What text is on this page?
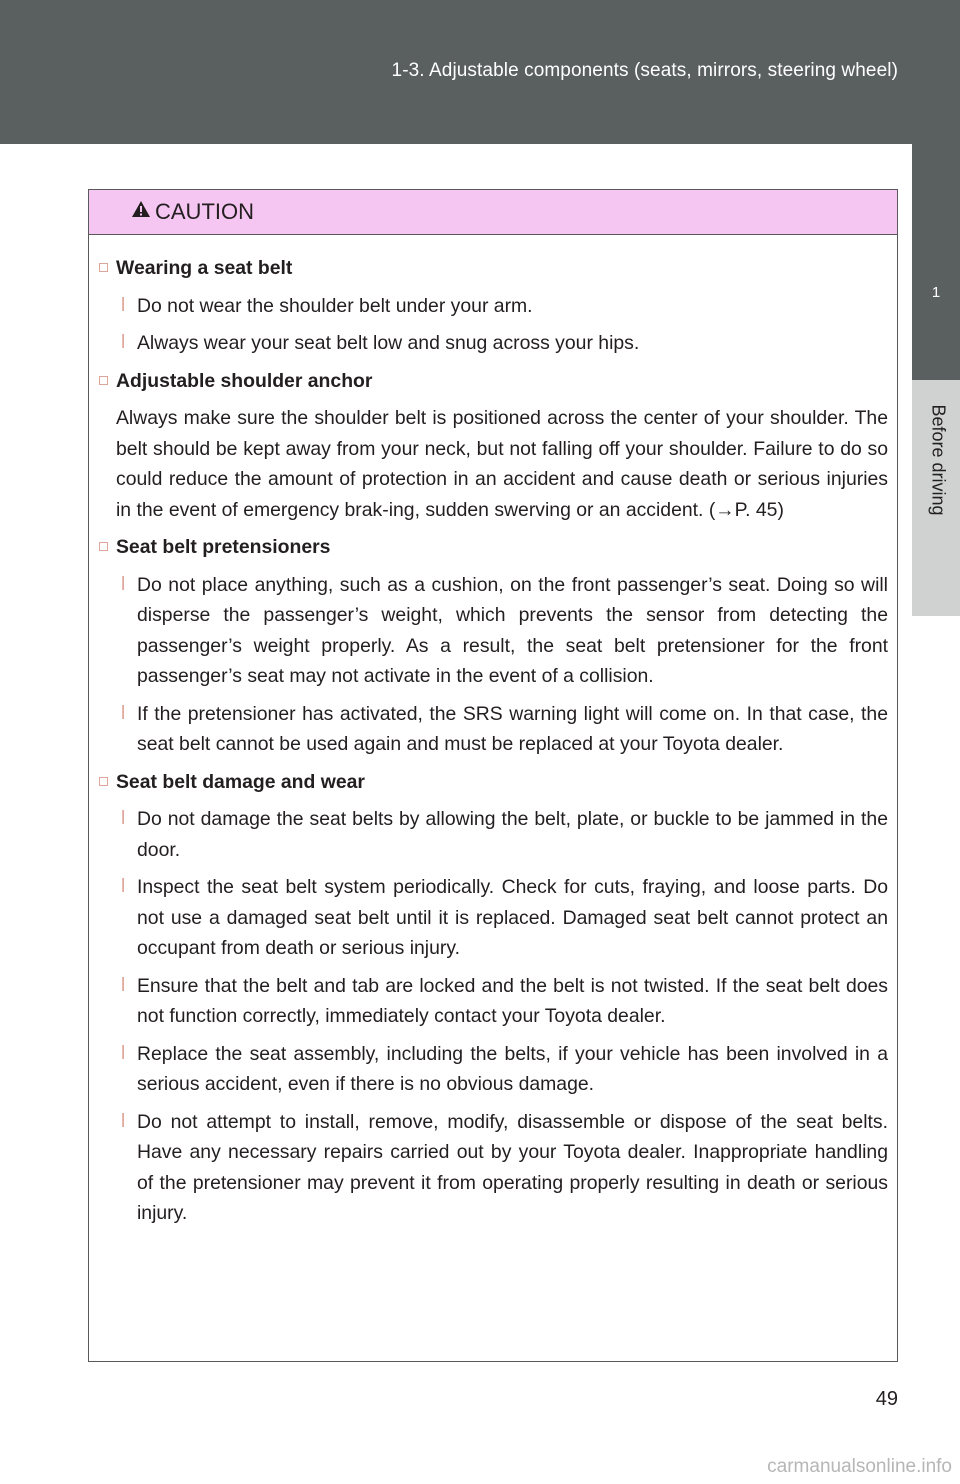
1-3. Adjustable components (seats, mirrors, steering wheel)
Before driving
CAUTION
Wearing a seat belt
l Do not wear the shoulder belt under your arm.
l Always wear your seat belt low and snug across your hips.
Adjustable shoulder anchor
Always make sure the shoulder belt is positioned across the center of your shoulder. The belt should be kept away from your neck, but not falling off your shoulder. Failure to do so could reduce the amount of protection in an accident and cause death or serious injuries in the event of emergency brak-ing, sudden swerving or an accident. (→P. 45)
Seat belt pretensioners
l Do not place anything, such as a cushion, on the front passenger’s seat. Doing so will disperse the passenger’s weight, which prevents the sensor from detecting the passenger’s weight properly. As a result, the seat belt pretensioner for the front passenger’s seat may not activate in the event of a collision.
l If the pretensioner has activated, the SRS warning light will come on. In that case, the seat belt cannot be used again and must be replaced at your Toyota dealer.
Seat belt damage and wear
l Do not damage the seat belts by allowing the belt, plate, or buckle to be jammed in the door.
l Inspect the seat belt system periodically. Check for cuts, fraying, and loose parts. Do not use a damaged seat belt until it is replaced. Damaged seat belt cannot protect an occupant from death or serious injury.
l Ensure that the belt and tab are locked and the belt is not twisted. If the seat belt does not function correctly, immediately contact your Toyota dealer.
l Replace the seat assembly, including the belts, if your vehicle has been involved in a serious accident, even if there is no obvious damage.
l Do not attempt to install, remove, modify, disassemble or dispose of the seat belts. Have any necessary repairs carried out by your Toyota dealer. Inappropriate handling of the pretensioner may prevent it from operating properly resulting in death or serious injury.
1
49
carmanualsonline.info
